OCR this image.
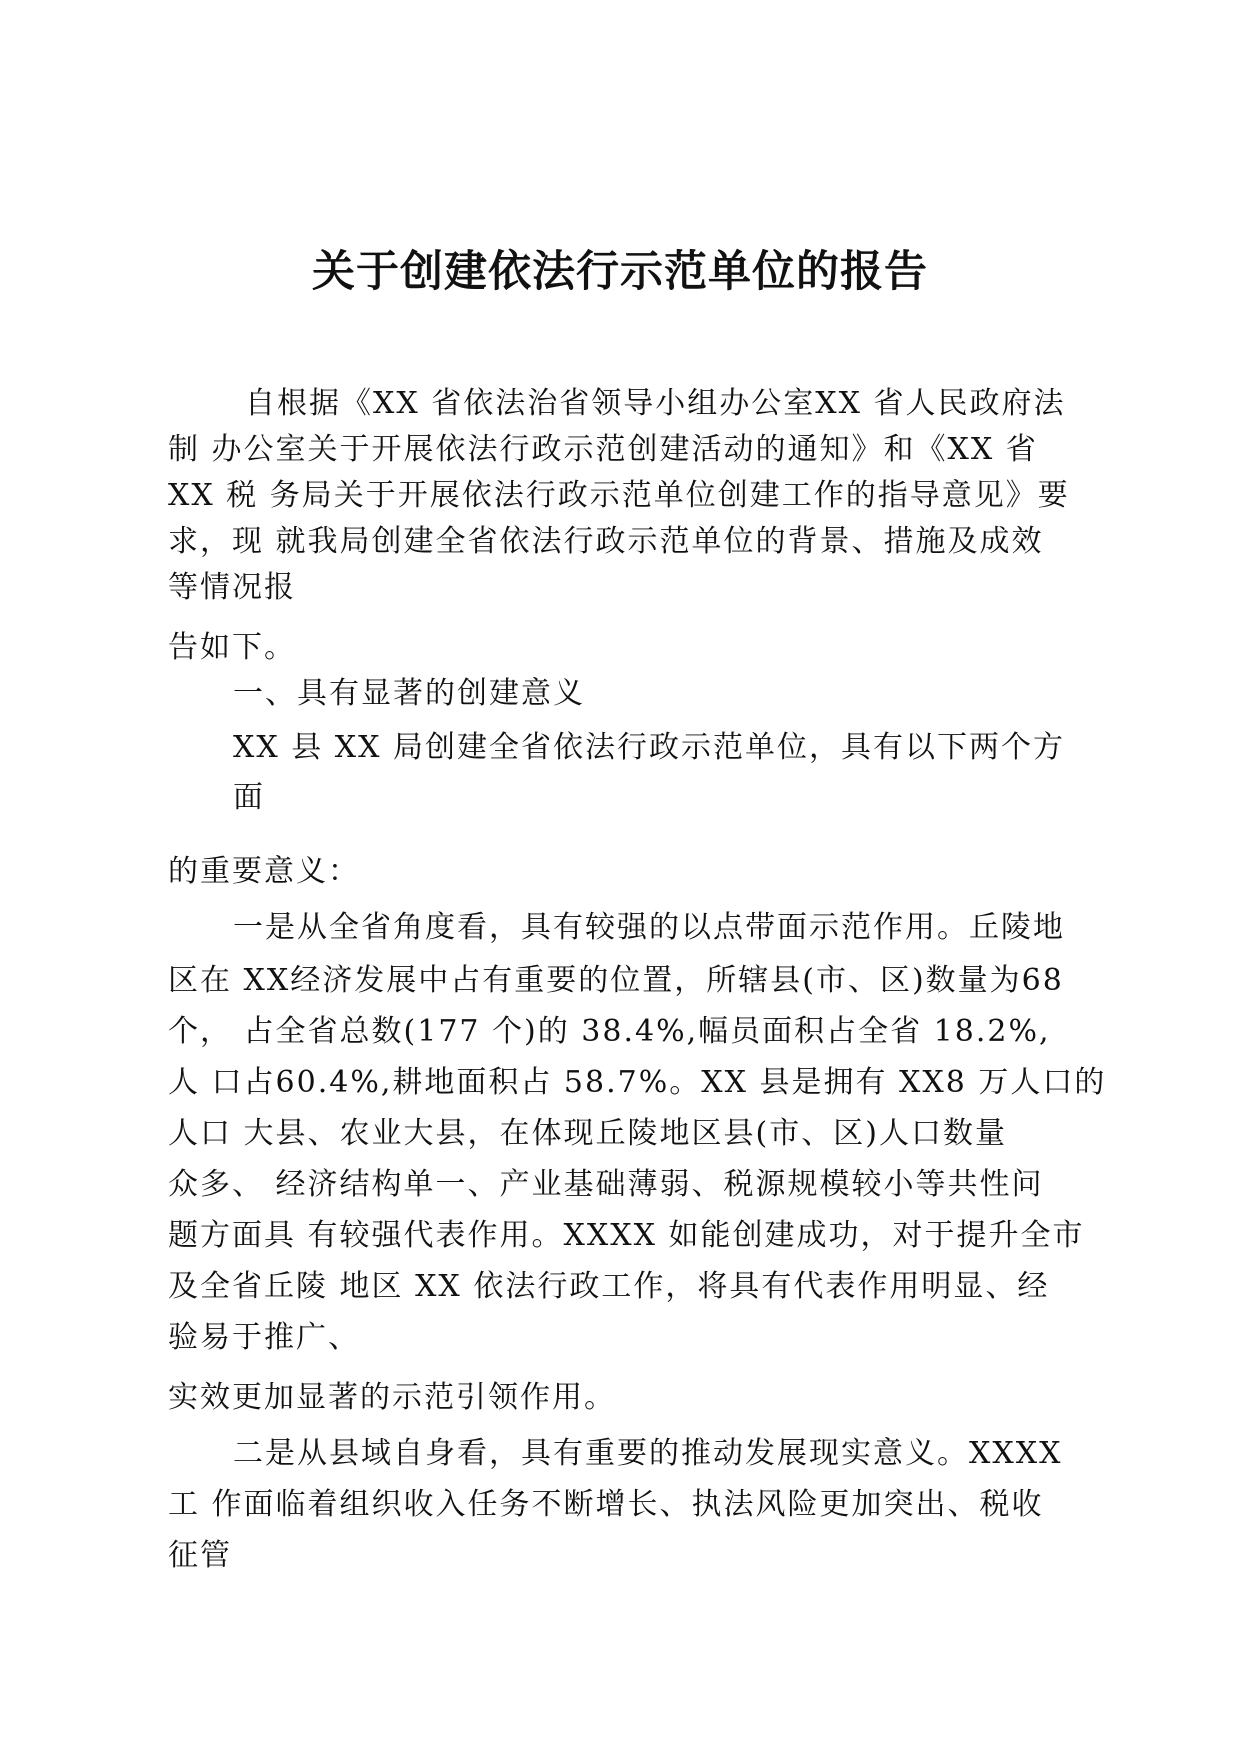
关于创建依法行示范单位的报告
自根据《XX 省依法治省领导小组办公室XX 省人民政府法
制 办公室关于开展依法行政示范创建活动的通知》和《XX 省
XX 税 务局关于开展依法行政示范单位创建工作的指导意见》要
求，现 就我局创建全省依法行政示范单位的背景、措施及成效
等情况报
告如下。
一、具有显著的创建意义
XX 县 XX 局创建全省依法行政示范单位，具有以下两个方
面
的重要意义：
一是从全省角度看，具有较强的以点带面示范作用。丘陵地
区在 XX经济发展中占有重要的位置，所辖县(市、区)数量为68
个， 占全省总数(177 个)的 38.4%,幅员面积占全省 18.2%,
人 口占60.4%,耕地面积占 58.7%。XX 县是拥有 XX8 万人口的
人口 大县、农业大县，在体现丘陵地区县(市、区)人口数量
众多、 经济结构单一、产业基础薄弱、税源规模较小等共性问
题方面具 有较强代表作用。XXXX 如能创建成功，对于提升全市
及全省丘陵 地区 XX 依法行政工作，将具有代表作用明显、经
验易于推广、
实效更加显著的示范引领作用。
二是从县域自身看，具有重要的推动发展现实意义。XXXX
工 作面临着组织收入任务不断增长、执法风险更加突出、税收
征管
